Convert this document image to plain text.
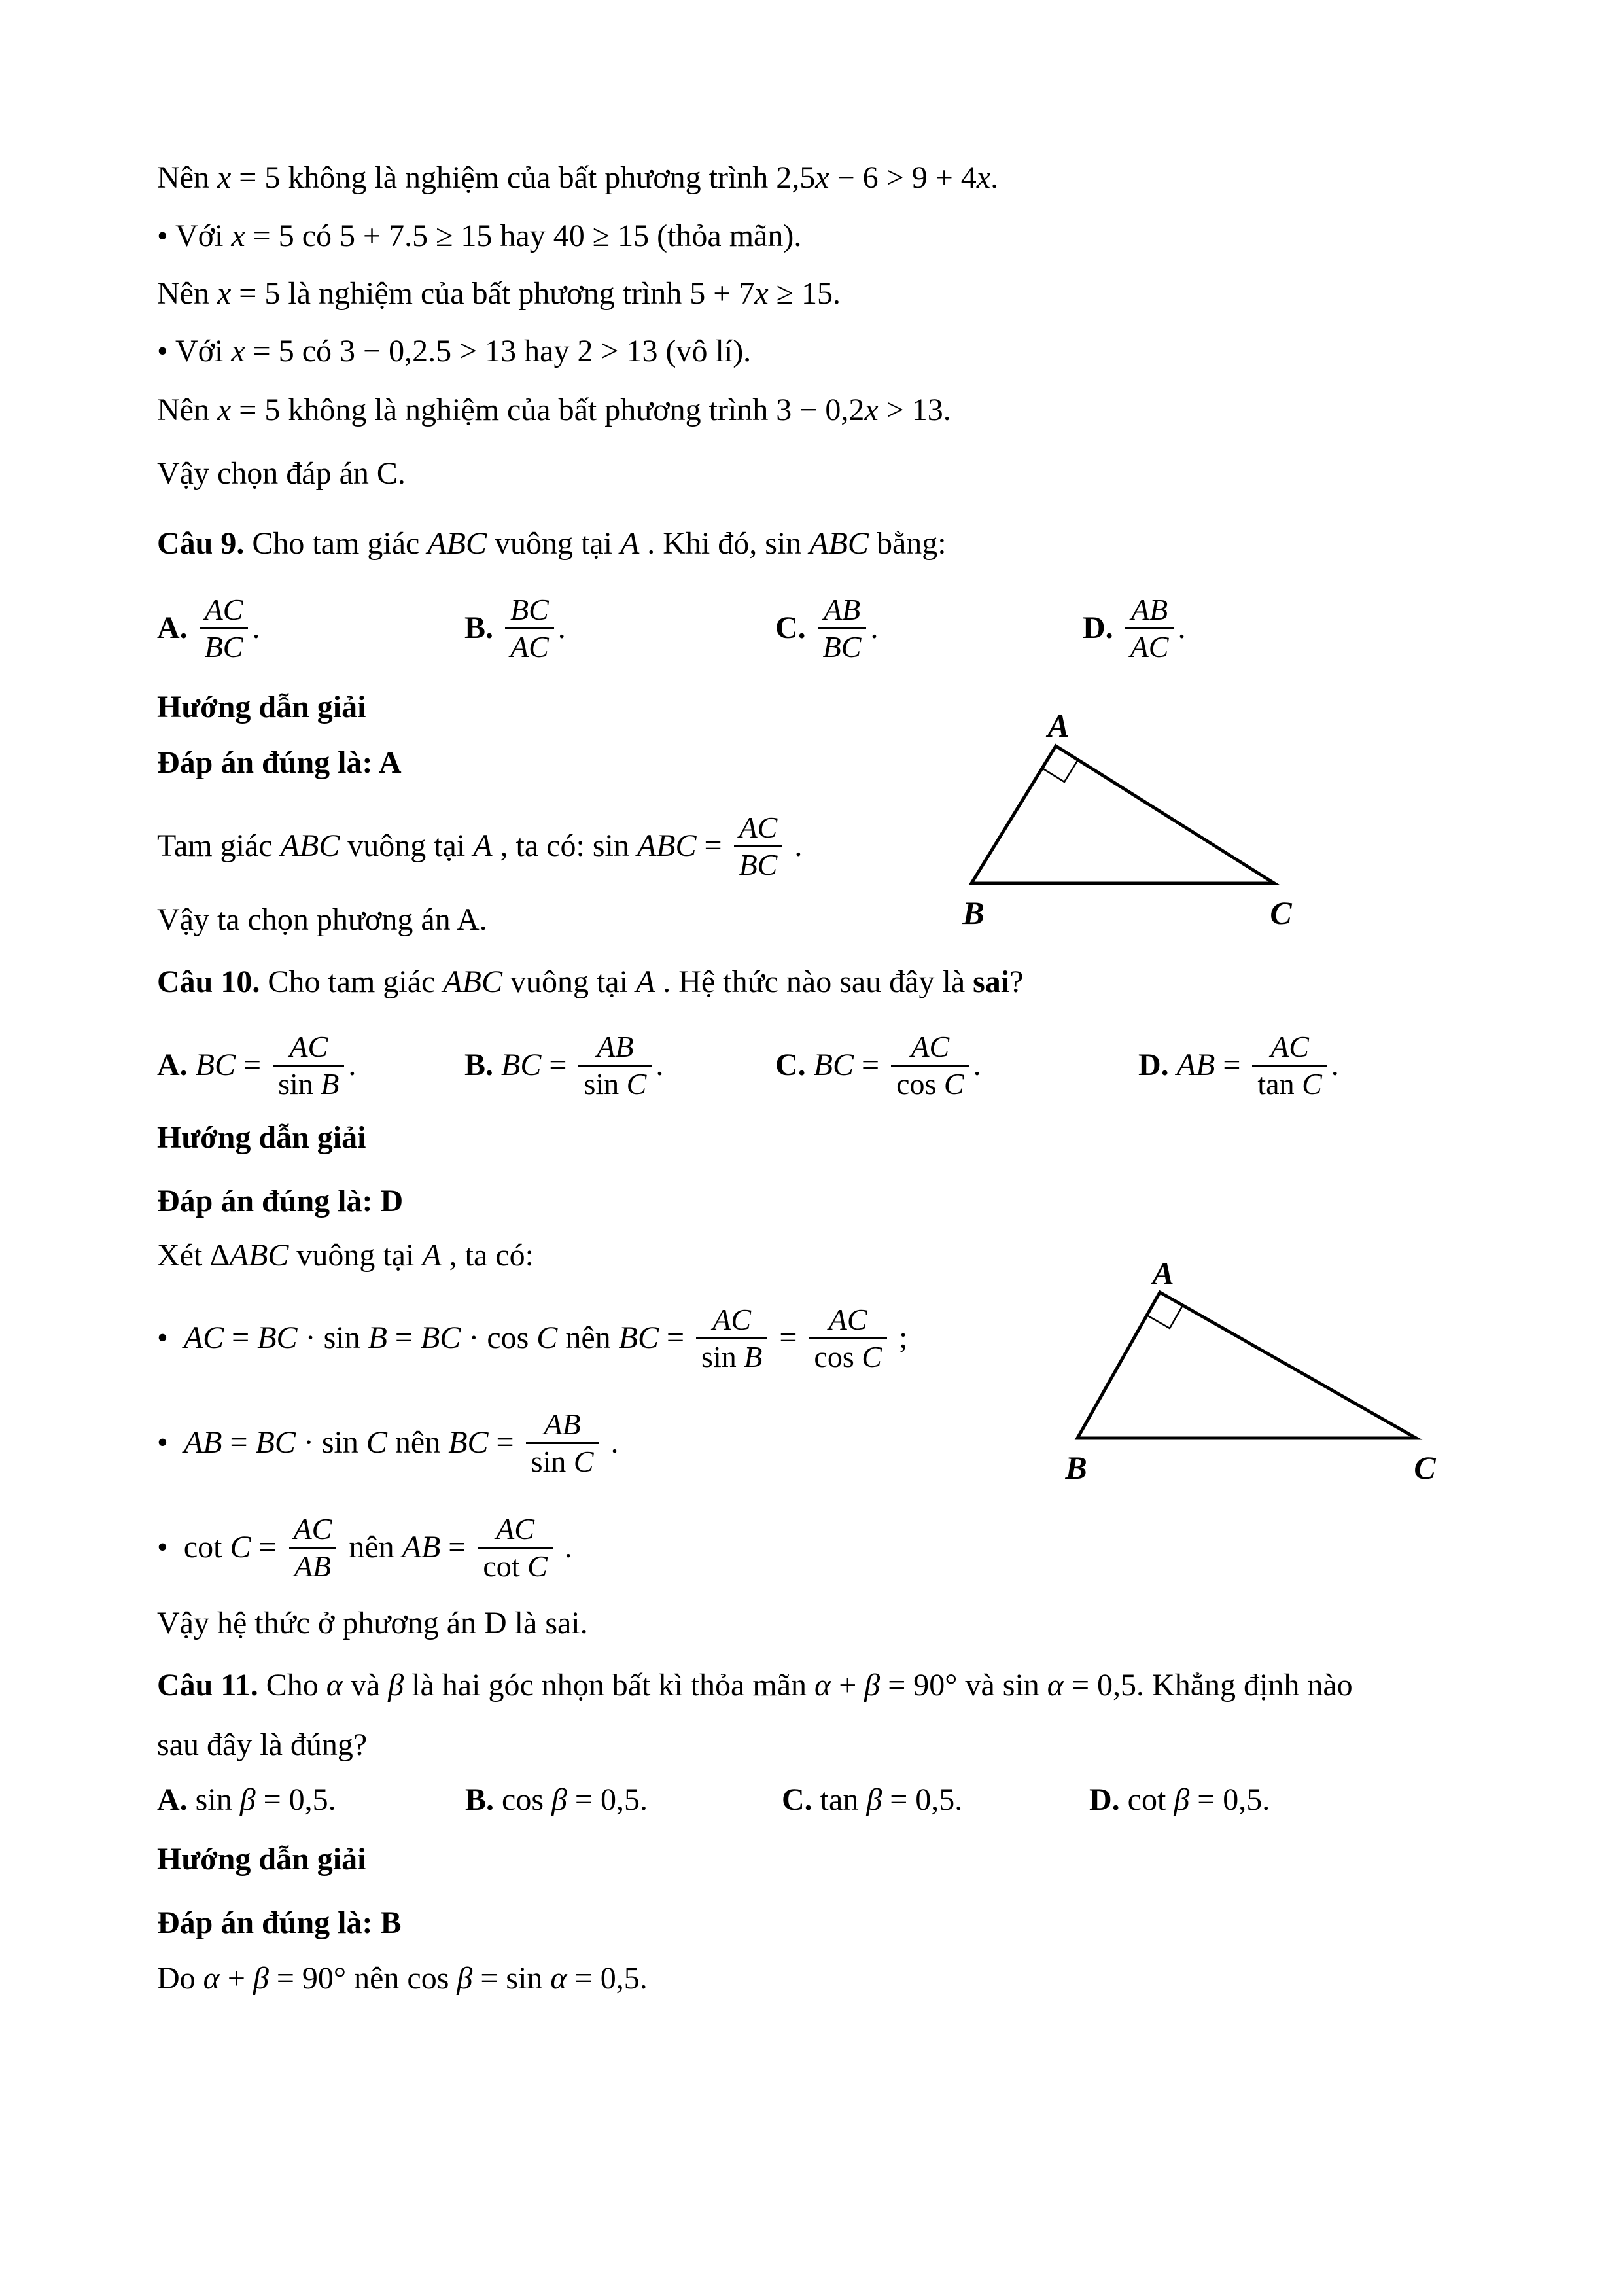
Nên x = 5 không là nghiệm của bất phương trình 2,5x − 6 > 9 + 4x.
• Với x = 5 có 5 + 7.5 ≥ 15 hay 40 ≥ 15 (thỏa mãn).
Nên x = 5 là nghiệm của bất phương trình 5 + 7x ≥ 15.
• Với x = 5 có 3 − 0,2.5 > 13 hay 2 > 13 (vô lí).
Nên x = 5 không là nghiệm của bất phương trình 3 − 0,2x > 13.
Vậy chọn đáp án C.
Câu 9. Cho tam giác ABC vuông tại A . Khi đó, sin ABC bằng:
A. $\frac{AC}{BC}$ .	B. $\frac{BC}{AC}$ .	C. $\frac{AB}{BC}$ .	D. $\frac{AB}{AC}$ .
Hướng dẫn giải
Đáp án đúng là: A
Tam giác ABC vuông tại A , ta có: sin ABC = $\frac{AC}{BC}$ .
Vậy ta chọn phương án A.
Câu 10. Cho tam giác ABC vuông tại A . Hệ thức nào sau đây là sai?
A. BC = $\frac{AC}{\text{sin B}}$ .	B. BC = $\frac{AB}{\text{sin C}}$ .	C. BC = $\frac{AC}{\text{cos C}}$ .	D. AB = $\frac{AC}{\text{tan C}}$ .
Hướng dẫn giải
Đáp án đúng là: D
Xét ∆ABC vuông tại A , ta có:
• AC = BC · sin B = BC · cos C nên BC = $\frac{AC}{\text{sin B}} = \frac{AC}{\text{cos C}}$ ;
• AB = BC · sin C nên BC = $\frac{AB}{\text{sin C}}$ .
•  $\cot C = \frac{AC}{AB}$ nên AB = $\frac{AC}{\text{cot C}}$ .
Vậy hệ thức ở phương án D là sai.
Câu 11. Cho α và β là hai góc nhọn bất kì thỏa mãn α + β = 90° và sin α = 0,5. Khẳng định nào
sau đây là đúng?
A. sin β = 0,5.	B. cos β = 0,5.	C. tan β = 0,5.	D. cot β = 0,5.
Hướng dẫn giải
Đáp án đúng là: B
Do α + β = 90° nên cos β = sin α = 0,5.
A
B	C
A
B	C
